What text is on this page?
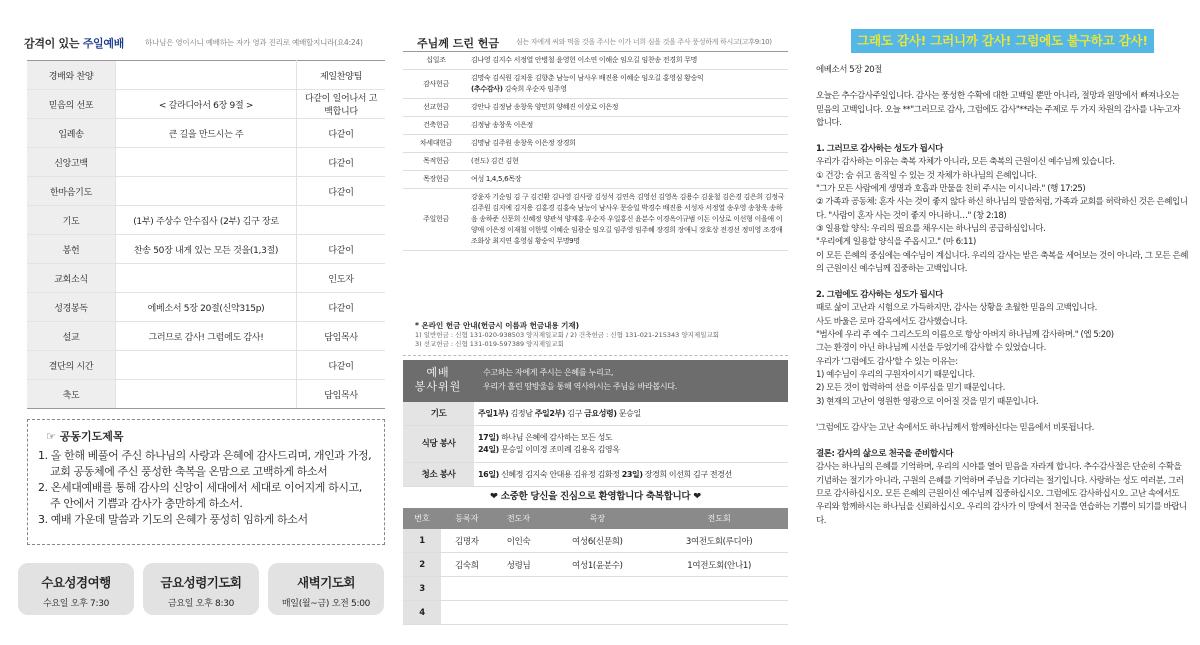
감격이 있는 주일예배	하나님은 영이시니 예배하는 자가 영과 진리로 예배할지니라(요4:24)
경배와 찬양		제일찬양팀
믿음의 선포	< 갈라디아서 6장 9절 >	다같이 일어나서 고백합니다
입례송	큰 길을 만드시는 주	다같이
신앙고백		다같이
한마음기도		다같이
기도	(1부) 주상수 안수집사 (2부) 김구 장로	
봉헌	찬송 50장 내게 있는 모든 것을(1,3절)	다같이
교회소식		인도자
성경봉독	에베소서 5장 20절(신약315p)	다같이
설교	그러므로 감사! 그럼에도 감사!	담임목사
결단의 시간		다같이
축도		담임목사
☞ 공동기도제목
1. 올 한해 베풀어 주신 하나님의 사랑과 은혜에 감사드리며, 개인과 가정, 교회 공동체에 주신 풍성한 축복을 온맘으로 고백하게 하소서
2. 온세대예배를 통해 감사의 신앙이 세대에서 세대로 이어지게 하시고, 주 안에서 기쁨과 감사가 충만하게 하소서.
3. 예배 가운데 말씀과 기도의 은혜가 풍성히 임하게 하소서
수요성경여행
수요일 오후 7:30
금요성령기도회
금요일 오후 8:30
새벽기도회
매일(월~금) 오전 5:00
주님께 드린 헌금 심는 자에게 씨와 먹을 것을 주시는 이가 너희 심을 것을 주사 풍성하게 하시고(고후9:10)
십일조	김나영 김지수 서정열 안병철 윤영헌 이소연 이해순 임오길 임찬송 전경희 무명
감사헌금	김명숙 김식원 김치웅 김향춘 남능이 남사우 배진용 이혜순 임오길 홍영심 황숭익
(추수감사) 김숙희 우순자 임주영
선교헌금	강안나 김정남 송창욱 양민희 양혜진 이상로 이은정
건축헌금	김정남 송창욱 이은정
차세대헌금	김명남 김주원 송창욱 이은정 장경희
목적헌금	(전도) 김건 김현
목장헌금	여성 1,4,5,6목장
주일헌금	강윤자 기순임 김 구 김건환 김나영 김사랑 김성석 김연옥 김영선 김영옥 김용수 김윤철 김은경 김은희 김정국 김주원 김지예 김지용 김홍경 김홍숙 남능이 남사우 문승일 박경수 배진용 서성자 서정열 송우영 송창욱 송하음 송하준 신문희 신혜정 양관석 양재홍 우순자 우일홍신 윤분수 이경옥이규범 이돈 이상로 이선형 이을애 이양애 이은정 이재철 이한빛 이혜순 임광순 임오길 임주영 임주혜 장경희 장애니 장호상 전경선 정미영 조경애 조화상 최지연 홍영심 황숭익 무명9명
* 온라인 헌금 안내(헌금시 이름과 헌금내용 기재)
1) 일반헌금 : 신협 131-020-938503 양지제일교회 / 2) 건축헌금 : 신협 131-021-215343 양지제일교회
3) 선교헌금 : 신협 131-019-597389 양지제일교회
예배
봉사위원
수고하는 자에게 주시는 은혜를 누리고,
우리가 흘린 땀방울을 통해 역사하시는 주님을 바라봅시다.
기도	주일1부) 김정남 주일2부) 김구 금요성령) 문승일
식당 봉사	17일) 하나님 은혜에 감사하는 모든 성도
24일) 문승일 이미경 조미례 김용옥 김영옥
청소 봉사	16일) 신혜정 김지숙 안대용 김유정 김화정 23일) 장경희 이선희 김구 전경선
❤ 소중한 당신을 진심으로 환영합니다 축복합니다 ❤
번호	등록자	전도자	목장	전도회
1	김명자	이인숙	여성6(신문희)	3여전도회(루디아)
2	김숙희	성령님	여성1(윤분수)	1여전도회(안나1)
3				
4				
그래도 감사! 그러니까 감사! 그럼에도 불구하고 감사!

에베소서 5장 20절

오늘은 추수감사주일입니다. 감사는 풍성한 수확에 대한 고백일 뿐만 아니라, 절망과 원망에서 빠져나오는 믿음의 고백입니다. 오늘 **"그러므로 감사, 그럼에도 감사"**라는 주제로 두 가지 차원의 감사를 나누고자 합니다.

1. 그러므로 감사하는 성도가 됩시다

우리가 감사하는 이유는 축복 자체가 아니라, 모든 축복의 근원이신 예수님께 있습니다.

① 건강: 숨 쉬고 움직일 수 있는 것 자체가 하나님의 은혜입니다.

"그가 모든 사람에게 생명과 호흡과 만물을 친히 주시는 이시니라." (행 17:25)

② 가족과 공동체: 혼자 사는 것이 좋지 않다 하신 하나님의 말씀처럼, 가족과 교회를 허락하신 것은 은혜입니다. "사람이 혼자 사는 것이 좋지 아니하니…" (창 2:18)

③ 일용할 양식: 우리의 필요를 채우시는 하나님의 공급하심입니다.

"우리에게 일용할 양식을 주옵시고." (마 6:11)

이 모든 은혜의 중심에는 예수님이 계십니다. 우리의 감사는 받은 축복을 세어보는 것이 아니라, 그 모든 은혜의 근원이신 예수님께 집중하는 고백입니다.

2. 그럼에도 감사하는 성도가 됩시다

때로 삶이 고난과 시험으로 가득하지만, 감사는 상황을 초월한 믿음의 고백입니다.

사도 바울은 로마 감옥에서도 감사했습니다.

"범사에 우리 주 예수 그리스도의 이름으로 항상 아버지 하나님께 감사하며." (엡 5:20)

그는 환경이 아닌 하나님께 시선을 두었기에 감사할 수 있었습니다.

우리가 '그럼에도 감사'할 수 있는 이유는:

1) 예수님이 우리의 구원자이시기 때문입니다.

2) 모든 것이 합력하여 선을 이루심을 믿기 때문입니다.

3) 현재의 고난이 영원한 영광으로 이어질 것을 믿기 때문입니다.

'그럼에도 감사'는 고난 속에서도 하나님께서 함께하신다는 믿음에서 비롯됩니다.

결론: 감사의 삶으로 천국을 준비합시다

감사는 하나님의 은혜를 기억하며, 우리의 시야를 열어 믿음을 자라게 합니다. 추수감사절은 단순히 수확을 기념하는 절기가 아니라, 구원의 은혜를 기억하며 주님을 기다리는 절기입니다. 사랑하는 성도 여러분, 그러므로 감사하십시오. 모든 은혜의 근원이신 예수님께 집중하십시오. 그럼에도 감사하십시오. 고난 속에서도 우리와 함께하시는 하나님을 신뢰하십시오. 우리의 감사가 이 땅에서 천국을 연습하는 기쁨이 되기를 바랍니다.
